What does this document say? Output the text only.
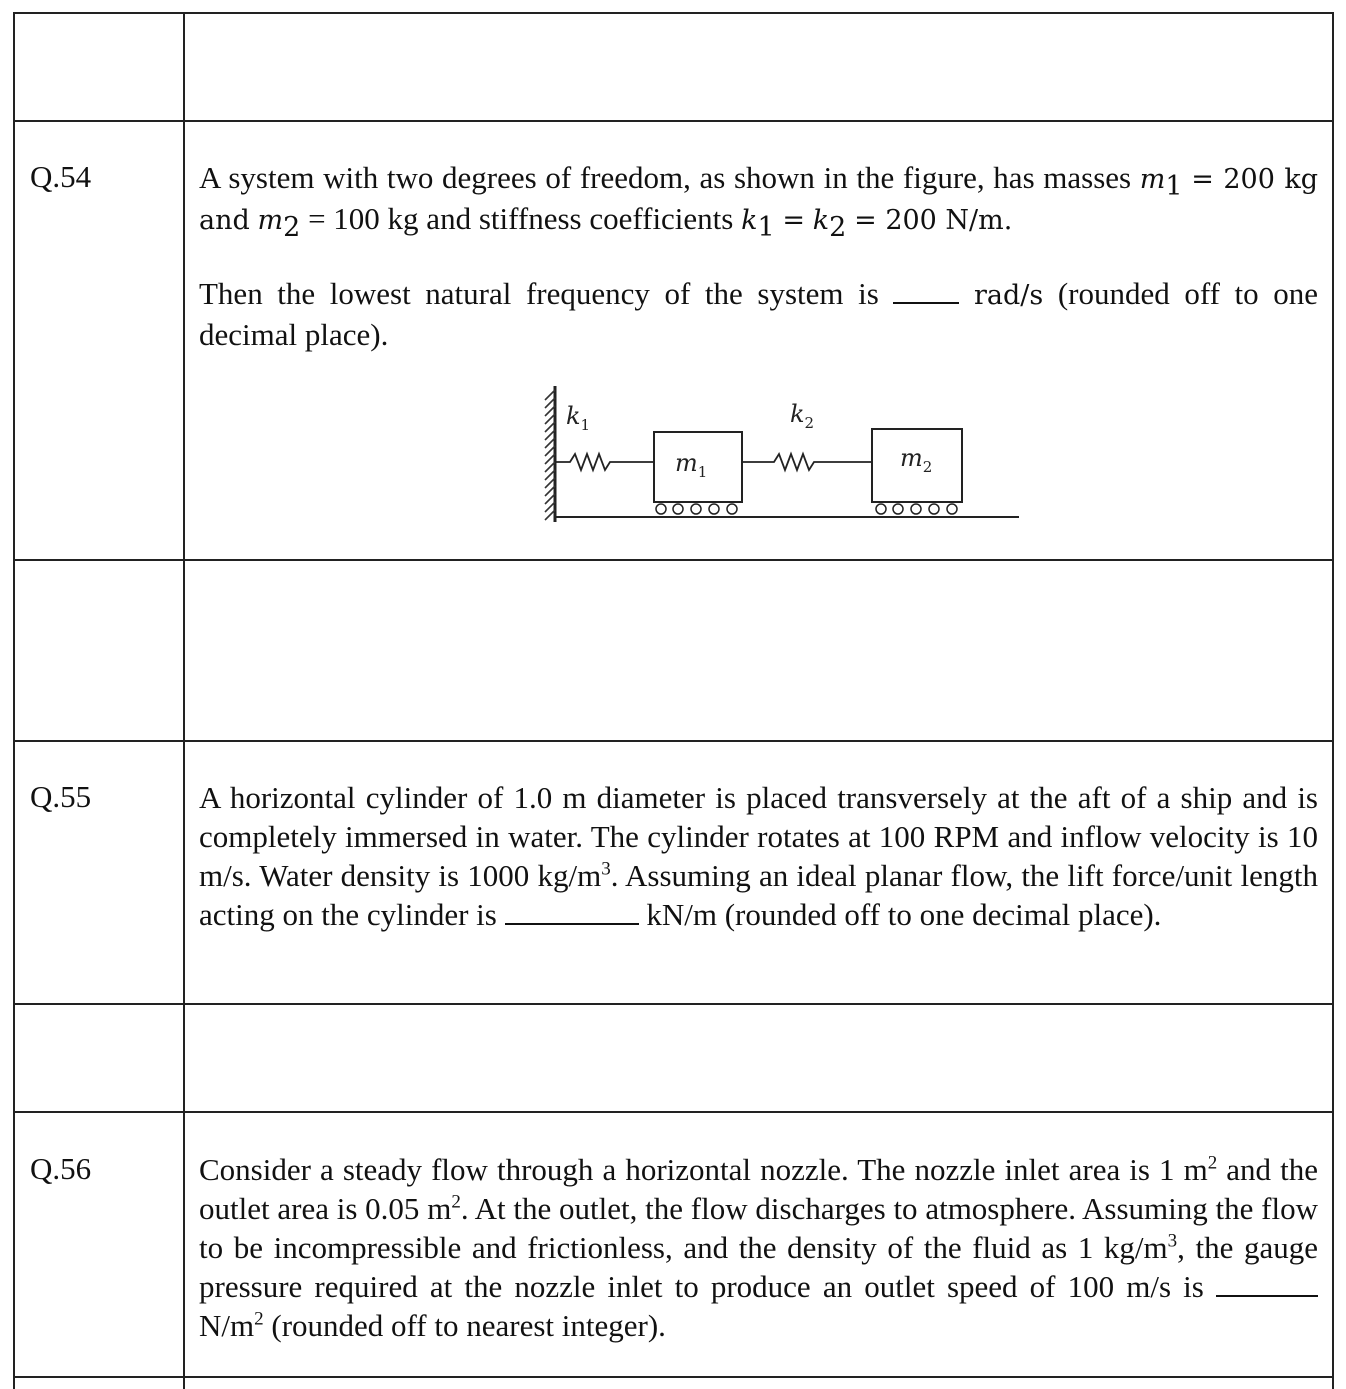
Q.54	A system with two degrees of freedom, as shown in the figure, has masses $m_1 = 200$ kg and $m_2 = 100$ kg and stiffness coefficients $k_1 = k_2 = 200$ N/m.

Then the lowest natural frequency of the system is	rad/s (rounded off to one decimal place).

$k_1$	$k_2$
$m_1$	$m_2$
Q.55	A horizontal cylinder of 1.0 m diameter is placed transversely at the aft of a ship and is completely immersed in water. The cylinder rotates at 100 RPM and inflow velocity is 10 m/s. Water density is 1000 $kg/m^3$. Assuming an ideal planar flow, the lift force/unit length acting on the cylinder is	kN/m (rounded off to one decimal place).

Q.56	Consider a steady flow through a horizontal nozzle. The nozzle inlet area is 1 $m^2$ and the outlet area is 0.05 $m^2$. At the outlet, the flow discharges to atmosphere. Assuming the flow to be incompressible and frictionless, and the density of the fluid as 1 $kg/m^3$, the gauge pressure required at the nozzle inlet to produce an outlet speed of 100 m/s is  $N/m^2$ (rounded off to nearest integer).
